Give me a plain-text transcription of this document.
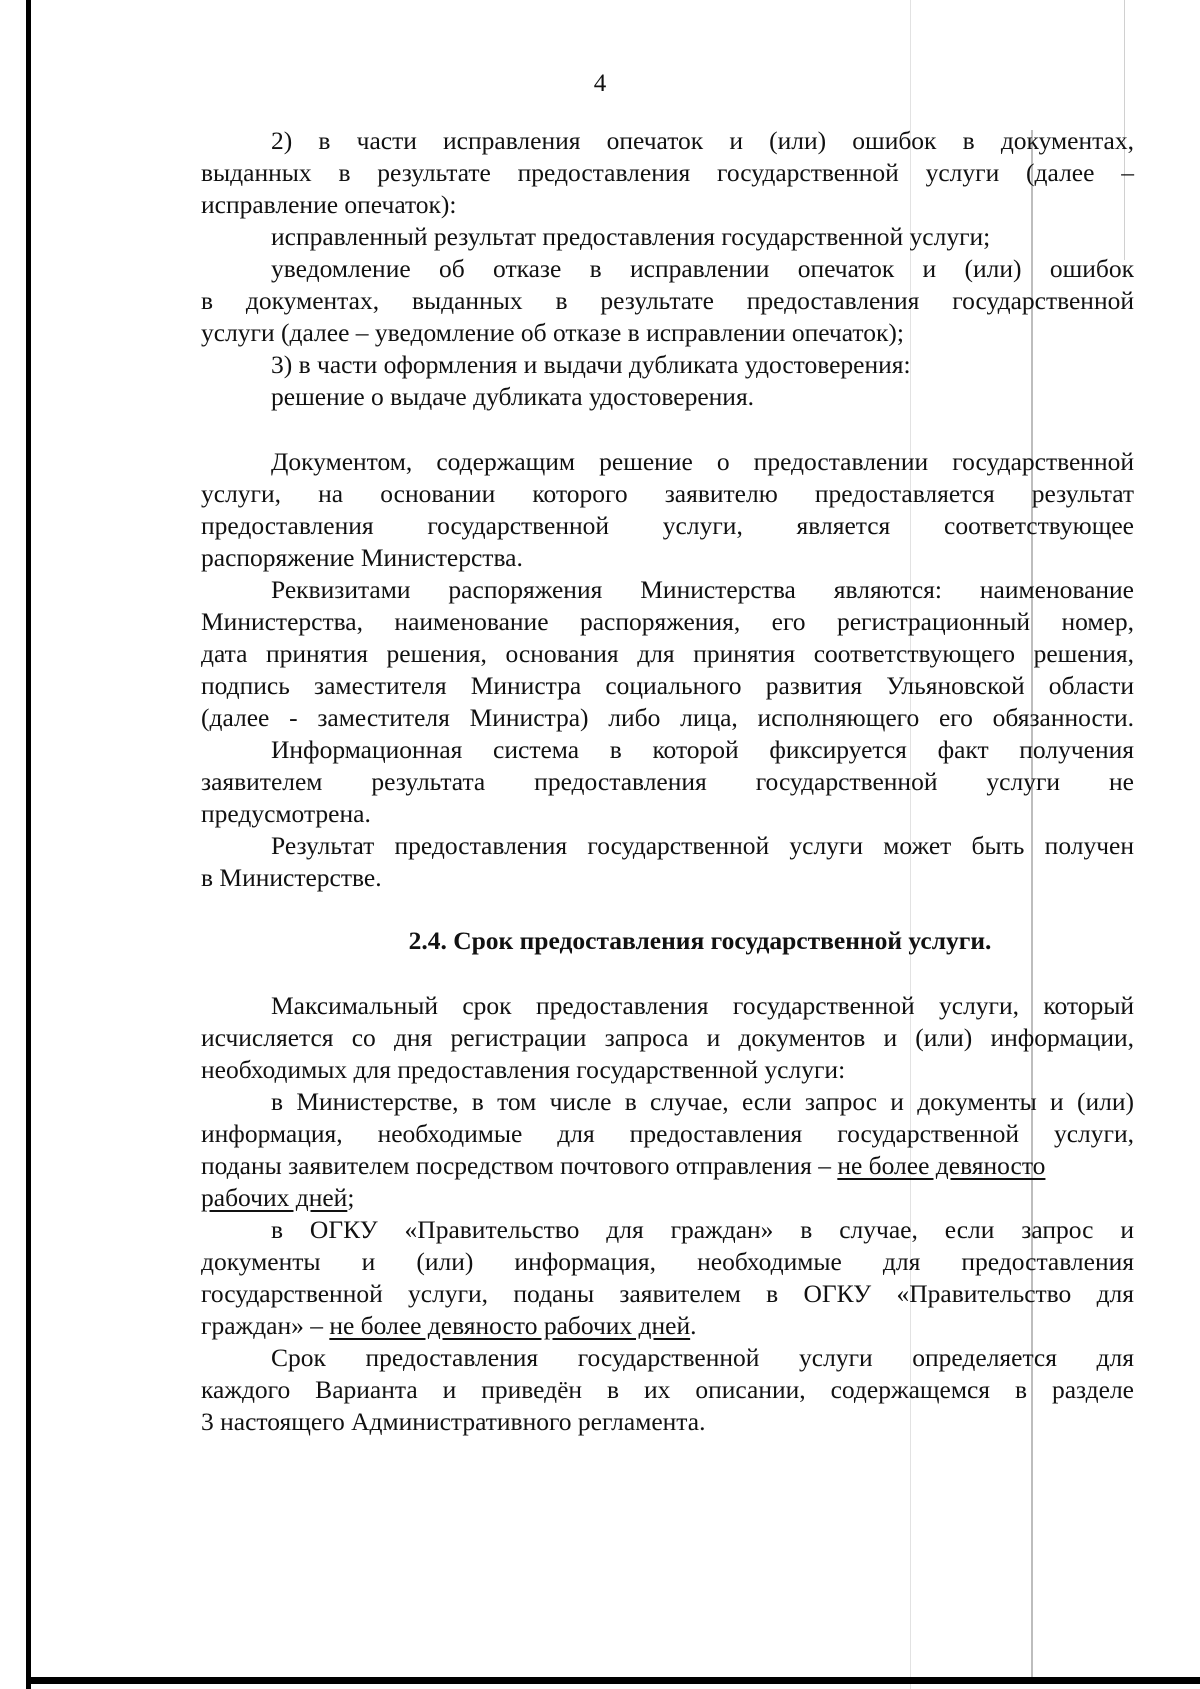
4
2) в части исправления опечаток и (или) ошибок в документах,
выданных в результате предоставления государственной услуги (далее –
исправление опечаток):
исправленный результат предоставления государственной услуги;
уведомление об отказе в исправлении опечаток и (или) ошибок
в документах, выданных в результате предоставления государственной
услуги (далее – уведомление об отказе в исправлении опечаток);
3) в части оформления и выдачи дубликата удостоверения:
решение о выдаче дубликата удостоверения.
Документом, содержащим решение о предоставлении государственной
услуги, на основании которого заявителю предоставляется результат
предоставления государственной услуги, является соответствующее
распоряжение Министерства.
Реквизитами распоряжения Министерства являются: наименование
Министерства, наименование распоряжения, его регистрационный номер,
дата принятия решения, основания для принятия соответствующего решения,
подпись заместителя Министра социального развития Ульяновской области
(далее - заместителя Министра) либо лица, исполняющего его обязанности.
Информационная система в которой фиксируется факт получения
заявителем результата предоставления государственной услуги не
предусмотрена.
Результат предоставления государственной услуги может быть получен
в Министерстве.
2.4. Срок предоставления государственной услуги.
Максимальный срок предоставления государственной услуги, который
исчисляется со дня регистрации запроса и документов и (или) информации,
необходимых для предоставления государственной услуги:
в Министерстве, в том числе в случае, если запрос и документы и (или)
информация, необходимые для предоставления государственной услуги,
поданы заявителем посредством почтового отправления – не более девяносто
рабочих дней;
в ОГКУ «Правительство для граждан» в случае, если запрос и
документы и (или) информация, необходимые для предоставления
государственной услуги, поданы заявителем в ОГКУ «Правительство для
граждан» – не более девяносто рабочих дней.
Срок предоставления государственной услуги определяется для
каждого Варианта и приведён в их описании, содержащемся в разделе
3 настоящего Административного регламента.
